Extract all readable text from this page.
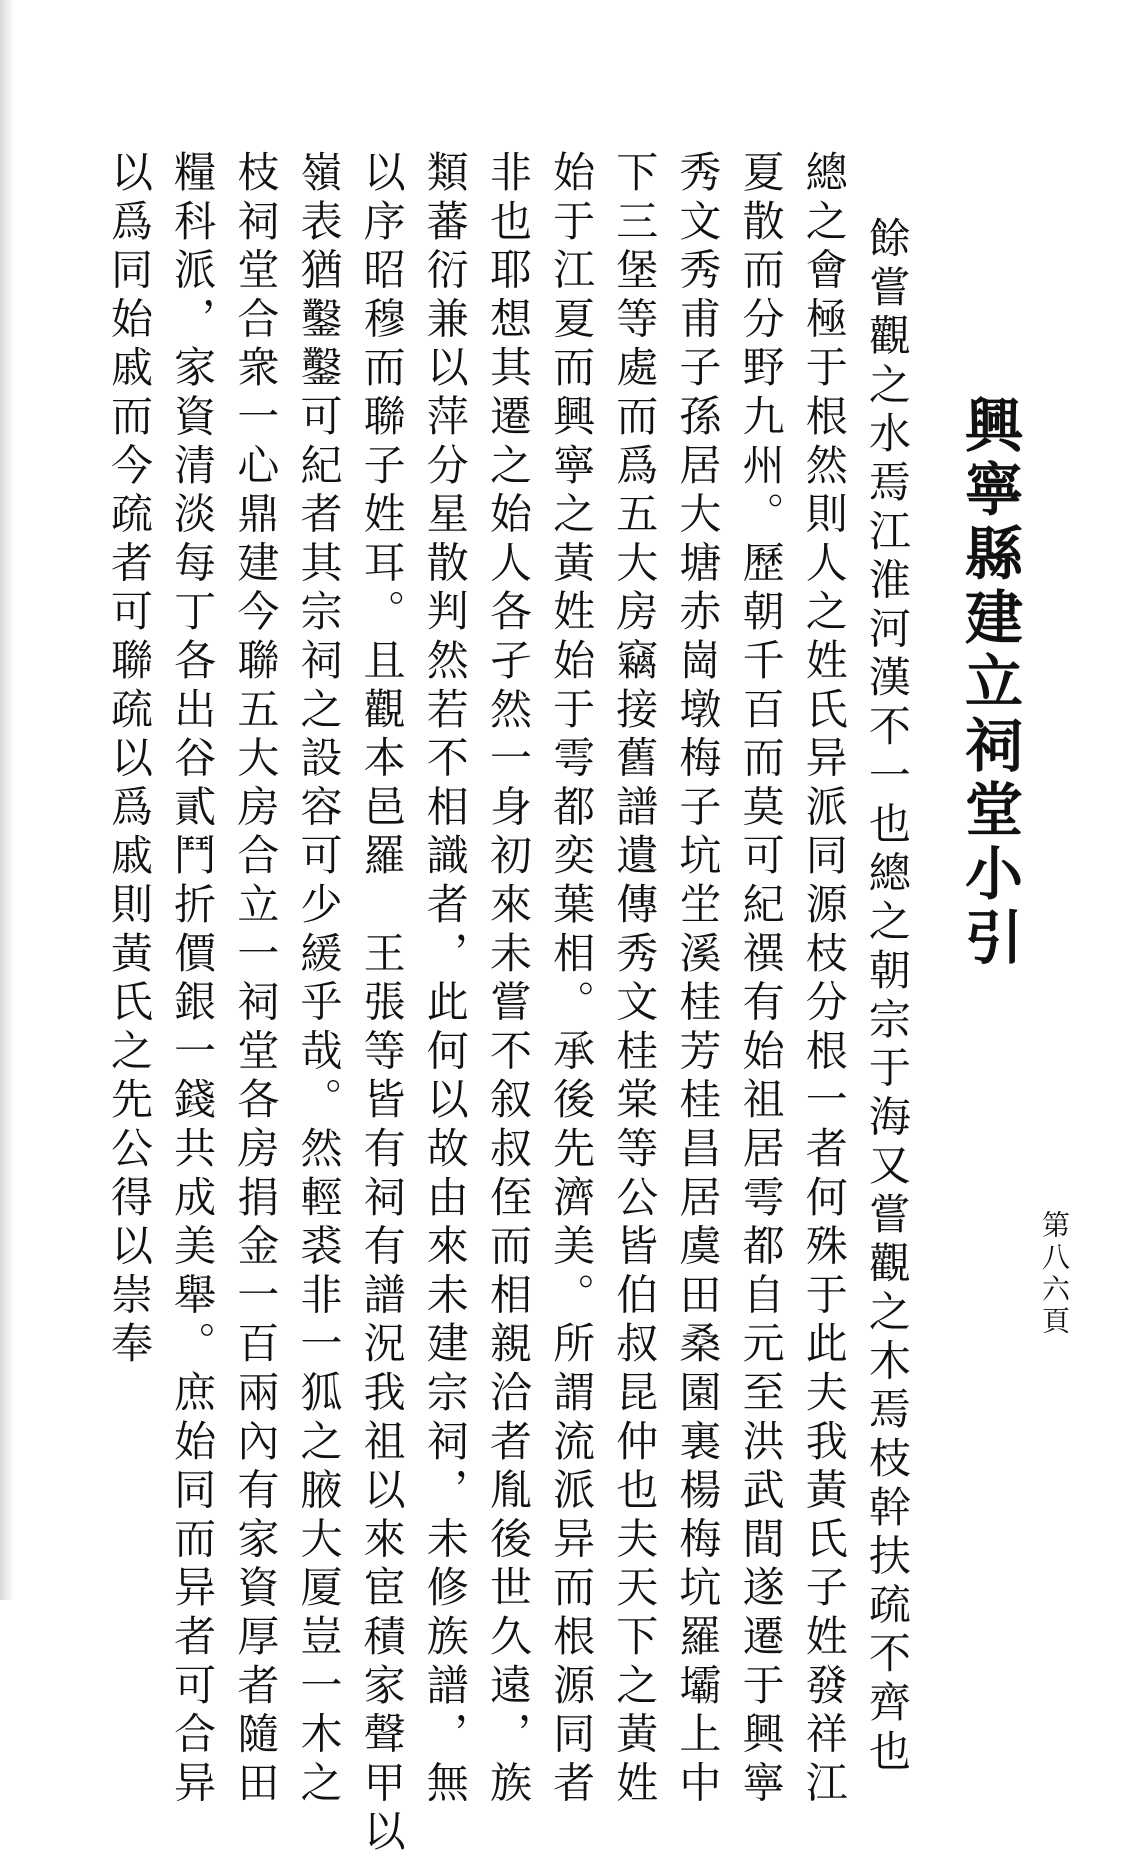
興寧縣建立祠堂小引
餘嘗觀之水焉江淮河漢不一也總之朝宗于海又嘗觀之木焉枝幹扶疏不齊也
總之會極于根然則人之姓氏异派同源枝分根一者何殊于此夫我黃氏子姓發祥江
夏散而分野九州。歷朝千百而莫可紀禩有始祖居雩都自元至洪武間遂遷于興寧
秀文秀甫子孫居大塘赤崗墩梅子坑坣溪桂芳桂昌居虞田桑園裏楊梅坑羅壩上中
下三堡等處而爲五大房竊接舊譜遺傳秀文桂棠等公皆伯叔昆仲也夫天下之黃姓
始于江夏而興寧之黃姓始于雩都奕葉相。承後先濟美。所謂流派异而根源同者
非也耶想其遷之始人各孑然一身初來未嘗不叙叔侄而相親洽者胤後世久遠，族
類蕃衍兼以萍分星散判然若不相識者，此何以故由來未建宗祠，未修族譜，無
以序昭穆而聯子姓耳。且觀本邑羅　王張等皆有祠有譜況我祖以來宦積家聲甲以
嶺表猶鑿鑿可紀者其宗祠之設容可少緩乎哉。然輕裘非一狐之腋大厦豈一木之
枝祠堂合衆一心鼎建今聯五大房合立一祠堂各房捐金一百兩內有家資厚者隨田
糧科派，家資清淡每丁各出谷貳鬥折價銀一錢共成美舉。庶始同而异者可合异
以爲同始戚而今疏者可聯疏以爲戚則黃氏之先公得以崇奉	第八六頁
